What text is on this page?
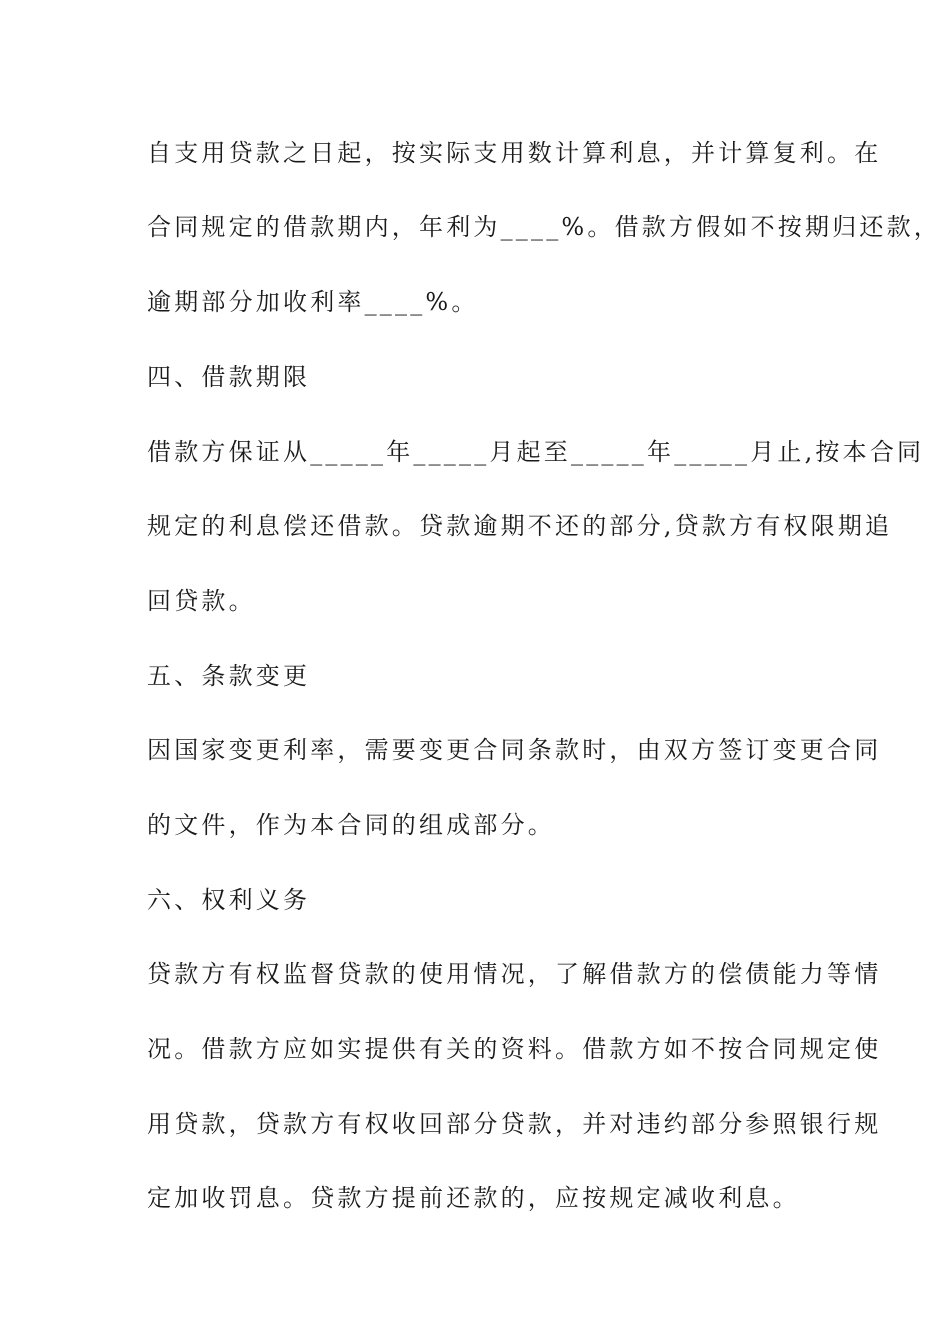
自支用贷款之日起，按实际支用数计算利息，并计算复利。在
合同规定的借款期内，年利为____%。借款方假如不按期归还款，
逾期部分加收利率____%。
四、借款期限
借款方保证从_____年_____月起至_____年_____月止,按本合同
规定的利息偿还借款。贷款逾期不还的部分,贷款方有权限期追
回贷款。
五、条款变更
因国家变更利率，需要变更合同条款时，由双方签订变更合同
的文件，作为本合同的组成部分。
六、权利义务
贷款方有权监督贷款的使用情况，了解借款方的偿债能力等情
况。借款方应如实提供有关的资料。借款方如不按合同规定使
用贷款，贷款方有权收回部分贷款，并对违约部分参照银行规
定加收罚息。贷款方提前还款的，应按规定减收利息。
